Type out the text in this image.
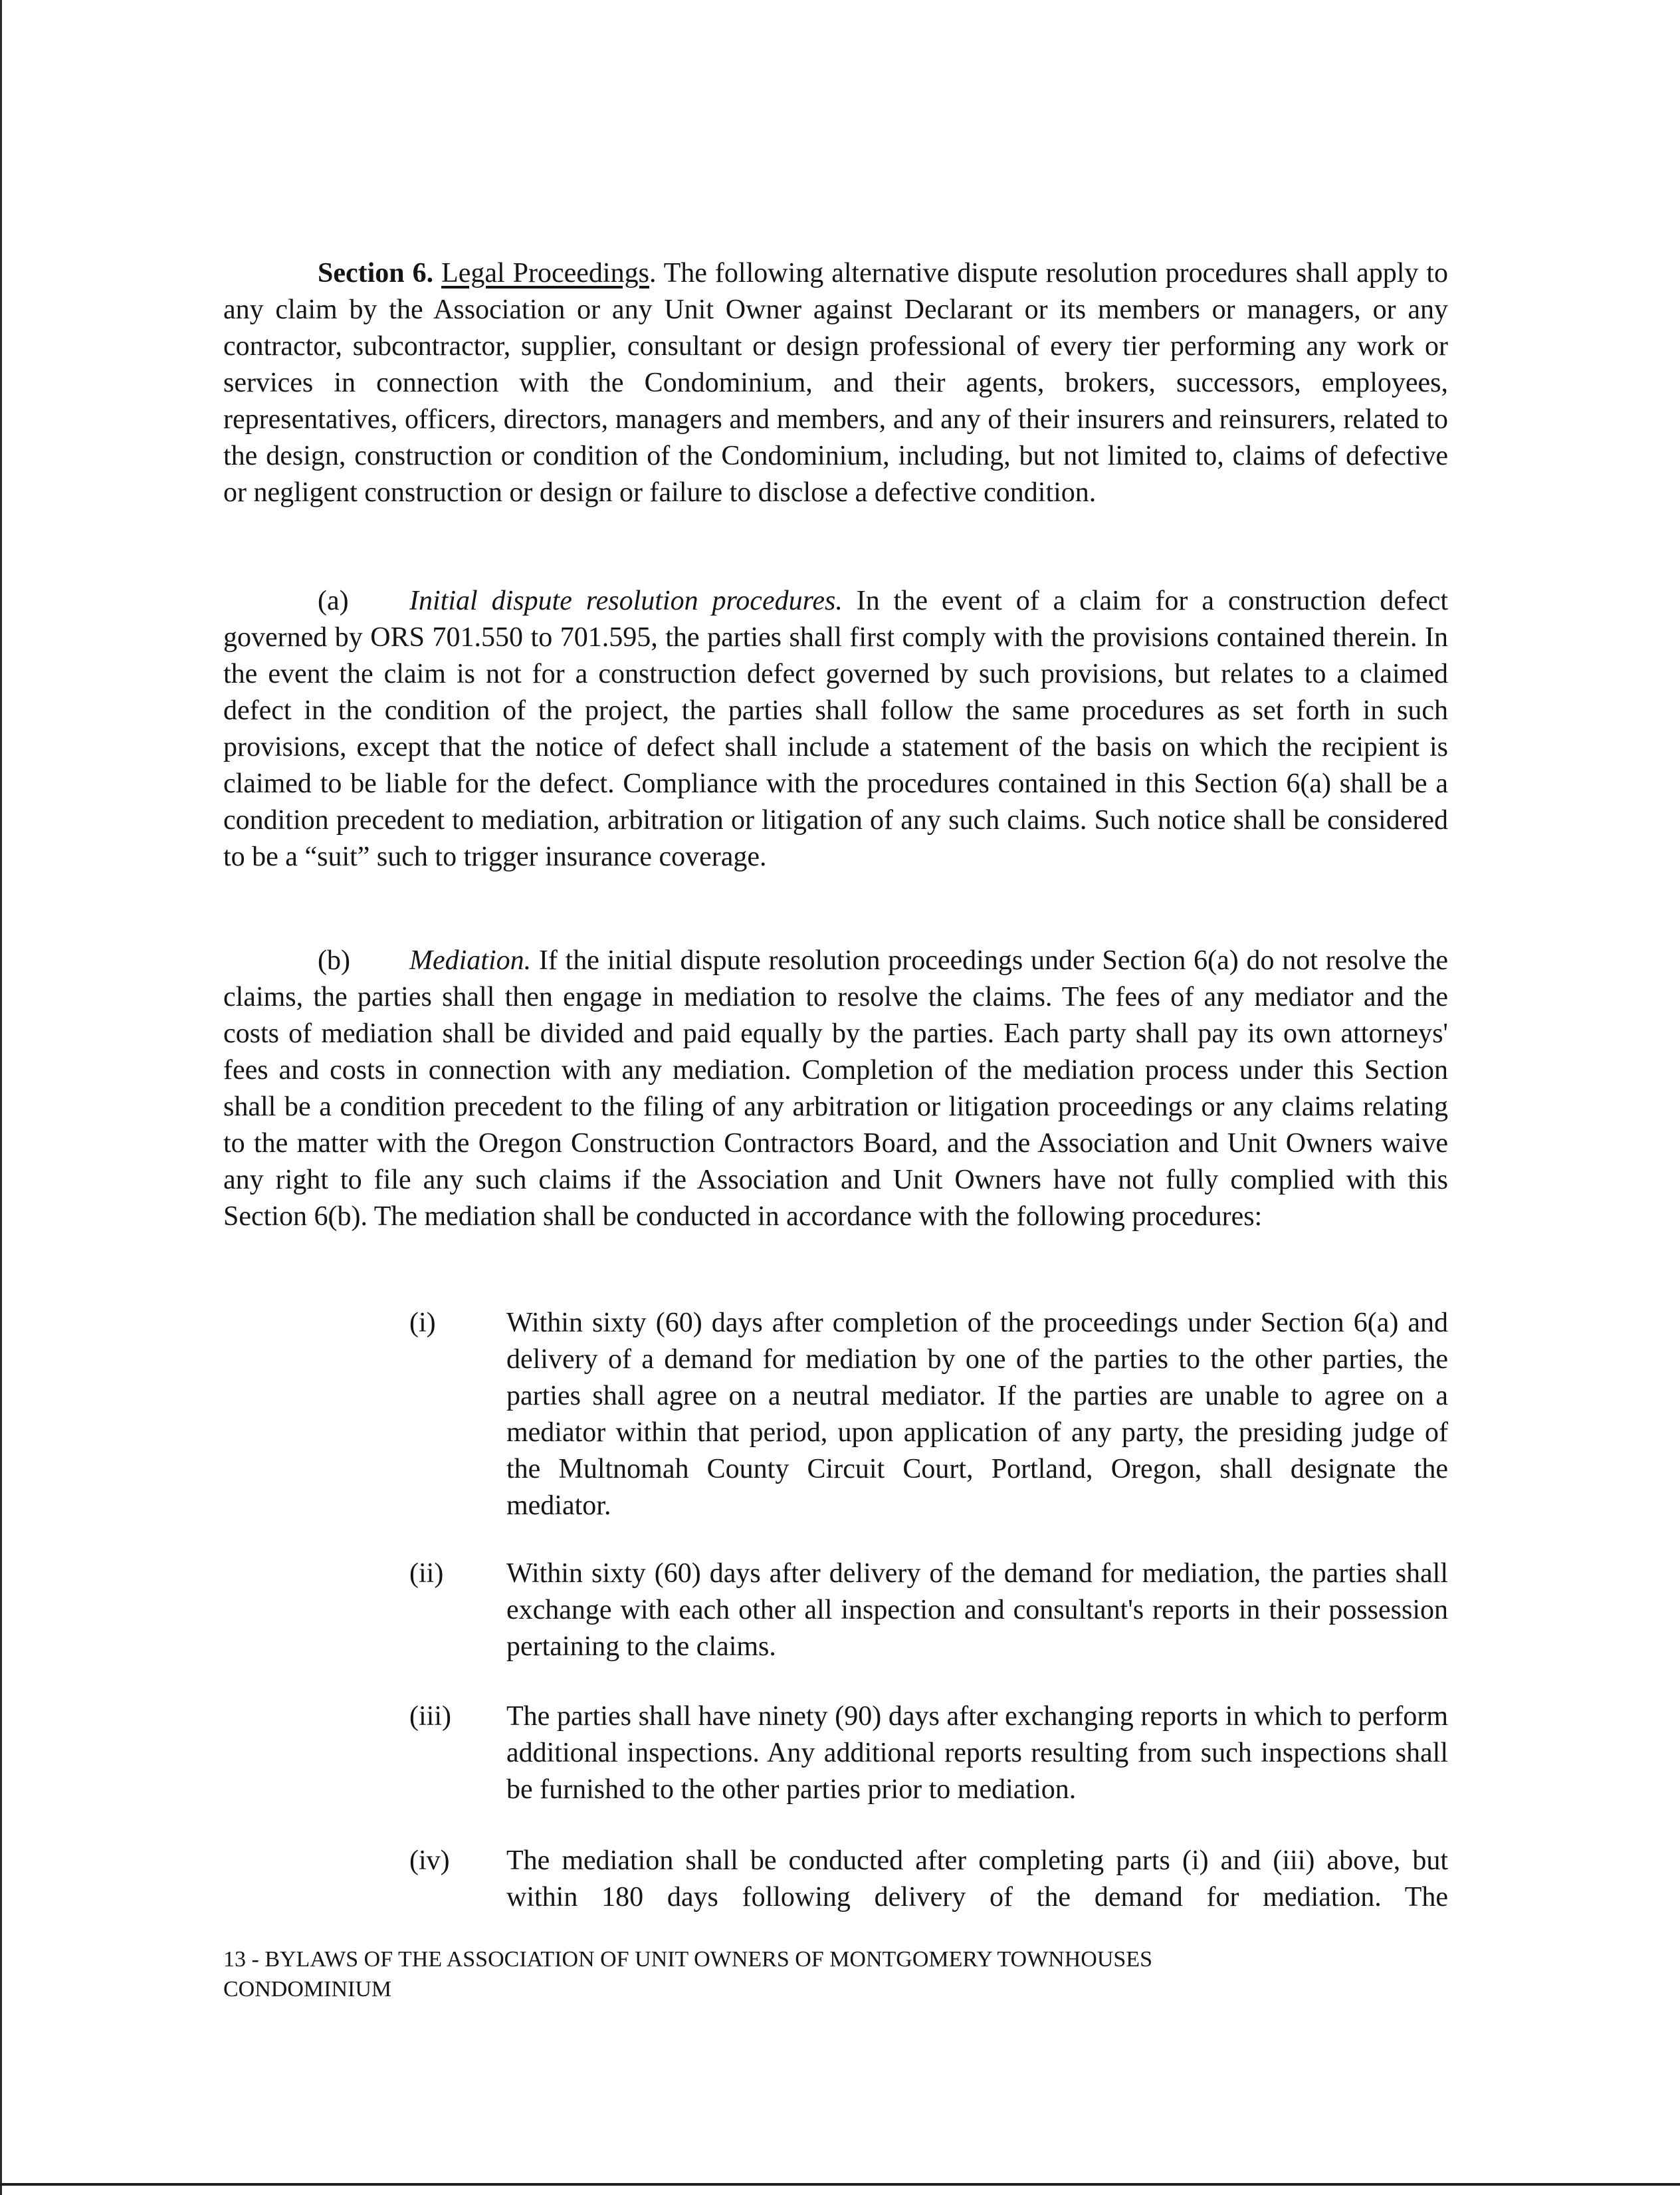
Section 6. Legal Proceedings. The following alternative dispute resolution procedures shall apply to any claim by the Association or any Unit Owner against Declarant or its members or managers, or any contractor, subcontractor, supplier, consultant or design professional of every tier performing any work or services in connection with the Condominium, and their agents, brokers, successors, employees, representatives, officers, directors, managers and members, and any of their insurers and reinsurers, related to the design, construction or condition of the Condominium, including, but not limited to, claims of defective or negligent construction or design or failure to disclose a defective condition.

(a)	Initial dispute resolution procedures. In the event of a claim for a construction defect governed by ORS 701.550 to 701.595, the parties shall first comply with the provisions contained therein. In the event the claim is not for a construction defect governed by such provisions, but relates to a claimed defect in the condition of the project, the parties shall follow the same procedures as set forth in such provisions, except that the notice of defect shall include a statement of the basis on which the recipient is claimed to be liable for the defect. Compliance with the procedures contained in this Section 6(a) shall be a condition precedent to mediation, arbitration or litigation of any such claims. Such notice shall be considered to be a “suit” such to trigger insurance coverage.

(b)	Mediation. If the initial dispute resolution proceedings under Section 6(a) do not resolve the claims, the parties shall then engage in mediation to resolve the claims. The fees of any mediator and the costs of mediation shall be divided and paid equally by the parties. Each party shall pay its own attorneys' fees and costs in connection with any mediation. Completion of the mediation process under this Section shall be a condition precedent to the filing of any arbitration or litigation proceedings or any claims relating to the matter with the Oregon Construction Contractors Board, and the Association and Unit Owners waive any right to file any such claims if the Association and Unit Owners have not fully complied with this Section 6(b). The mediation shall be conducted in accordance with the following procedures:

(i)	Within sixty (60) days after completion of the proceedings under Section 6(a) and delivery of a demand for mediation by one of the parties to the other parties, the parties shall agree on a neutral mediator. If the parties are unable to agree on a mediator within that period, upon application of any party, the presiding judge of the Multnomah County Circuit Court, Portland, Oregon, shall designate the mediator.

(ii) Within sixty (60) days after delivery of the demand for mediation, the parties shall exchange with each other all inspection and consultant's reports in their possession pertaining to the claims.

(iii) The parties shall have ninety (90) days after exchanging reports in which to perform additional inspections. Any additional reports resulting from such inspections shall be furnished to the other parties prior to mediation.

(iv) The mediation shall be conducted after completing parts (i) and (iii) above, but within 180 days following delivery of the demand for mediation. The

13 - BYLAWS OF THE ASSOCIATION OF UNIT OWNERS OF MONTGOMERY TOWNHOUSES
CONDOMINIUM
